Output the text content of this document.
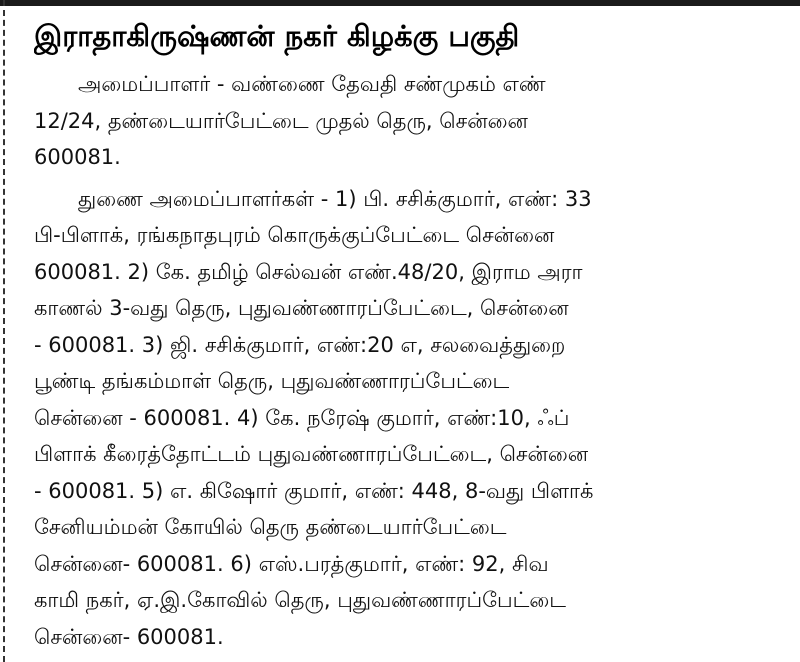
இராதாகிருஷ்ணன் நகர் கிழக்கு பகுதி
அமைப்பாளர் - வண்ணை தேவதி சண்முகம் எண்
12/24, தண்டையார்பேட்டை முதல் தெரு, சென்னை
600081.
துணை அமைப்பாளர்கள் - 1) பி. சசிக்குமார், எண்: 33
பி-பிளாக், ரங்கநாதபுரம் கொருக்குப்பேட்டை சென்னை
600081. 2) கே. தமிழ் செல்வன் எண்.48/20, இராம அரா
காணல் 3-வது தெரு, புதுவண்ணாரப்பேட்டை, சென்னை
- 600081. 3) ஜி. சசிக்குமார், எண்:20 எ, சலவைத்துறை
பூண்டி தங்கம்மாள் தெரு, புதுவண்ணாரப்பேட்டை
சென்னை - 600081. 4) கே. நரேஷ் குமார், எண்:10, ஃப்
பிளாக் கீரைத்தோட்டம் புதுவண்ணாரப்பேட்டை, சென்னை
- 600081. 5) எ. கிஷோர் குமார், எண்: 448, 8-வது பிளாக்
சேனியம்மன் கோயில் தெரு தண்டையார்பேட்டை
சென்னை- 600081. 6) எஸ்.பரத்குமார், எண்: 92, சிவ
காமி நகர், ஏ.இ.கோவில் தெரு, புதுவண்ணாரப்பேட்டை
சென்னை- 600081.
